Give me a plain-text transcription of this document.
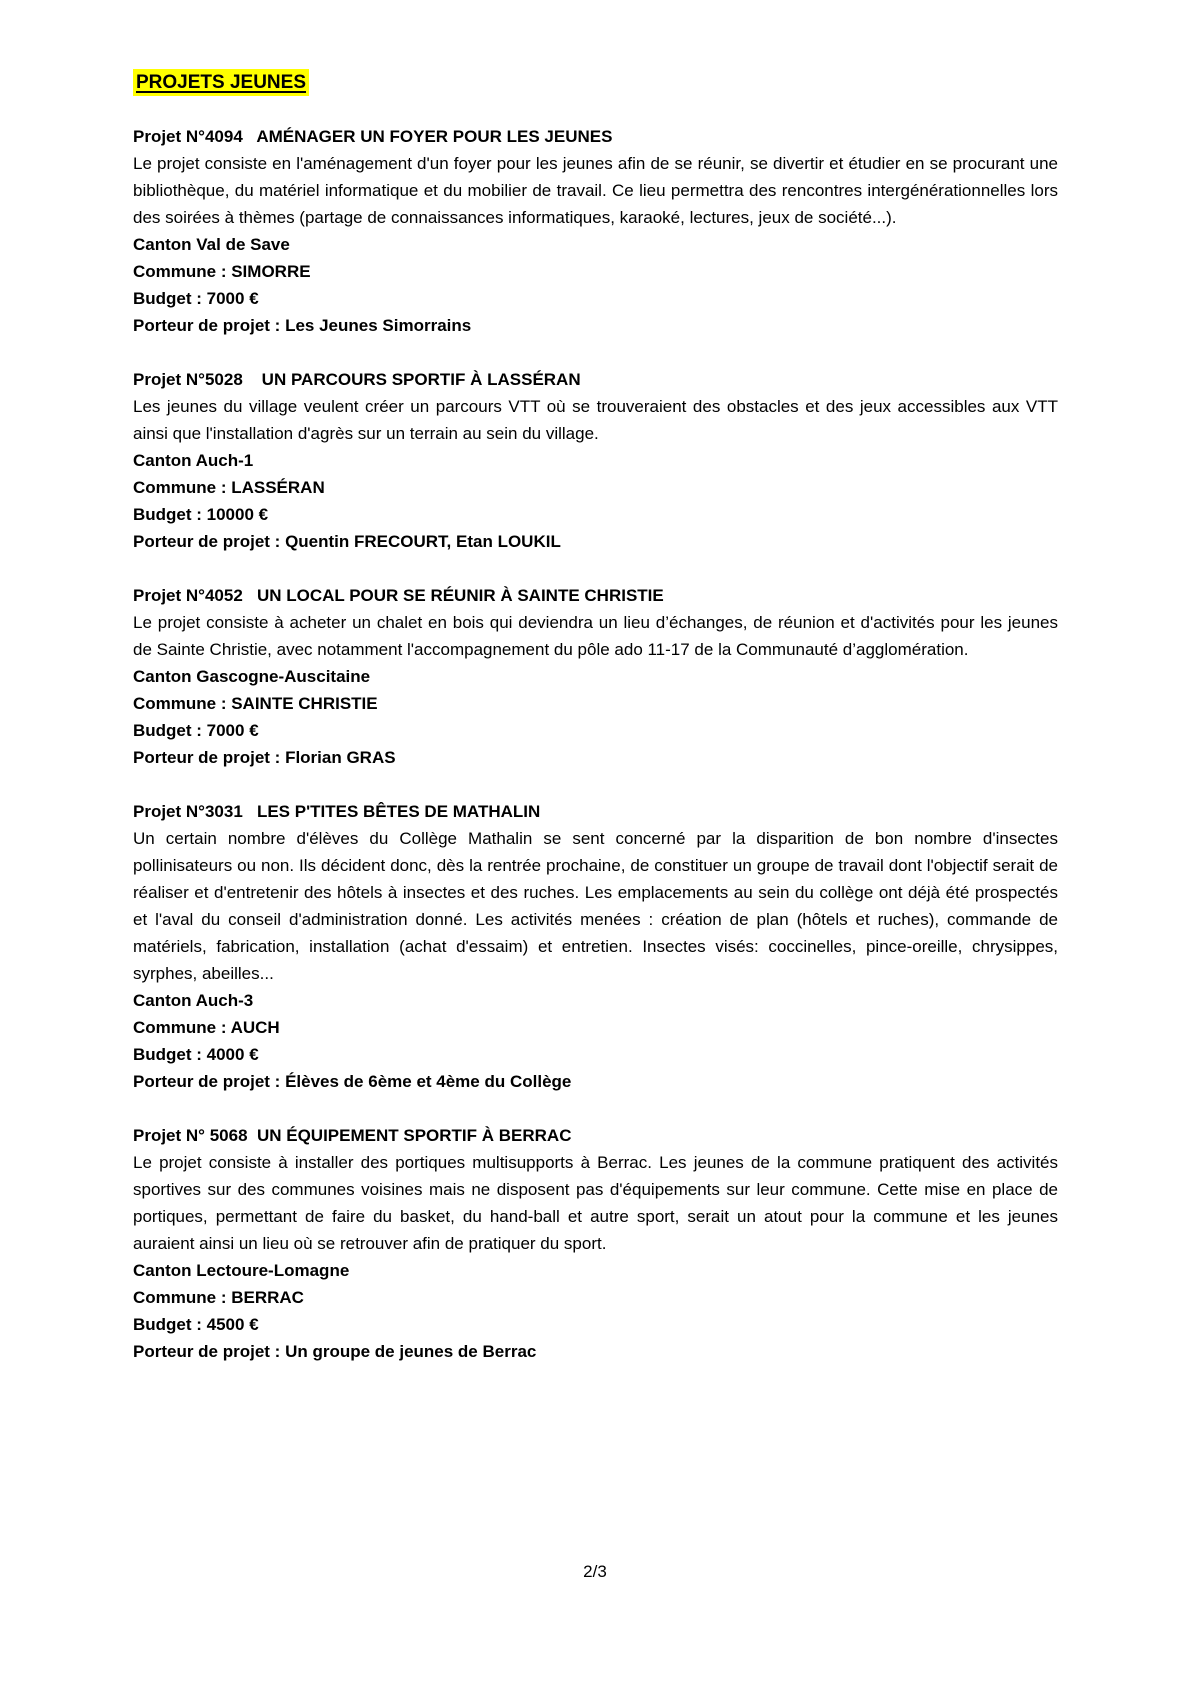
PROJETS JEUNES

Projet N°4094   AMÉNAGER UN FOYER POUR LES JEUNES

Le projet consiste en l'aménagement d'un foyer pour les jeunes afin de se réunir, se divertir et étudier en se procurant une bibliothèque, du matériel informatique et du mobilier de travail. Ce lieu permettra des rencontres intergénérationnelles lors des soirées à thèmes (partage de connaissances informatiques, karaoké, lectures, jeux de société...).

Canton Val de Save

Commune : SIMORRE

Budget : 7000 €

Porteur de projet : Les Jeunes Simorrains

Projet N°5028    UN PARCOURS SPORTIF À LASSÉRAN

Les jeunes du village veulent créer un parcours VTT où se trouveraient des obstacles et des jeux accessibles aux VTT ainsi que l'installation d'agrès sur un terrain au sein du village.

Canton Auch-1

Commune : LASSÉRAN

Budget : 10000 €

Porteur de projet : Quentin FRECOURT, Etan LOUKIL

Projet N°4052   UN LOCAL POUR SE RÉUNIR À SAINTE CHRISTIE

Le projet consiste à acheter un chalet en bois qui deviendra un lieu d’échanges, de réunion et d'activités pour les jeunes de Sainte Christie, avec notamment l'accompagnement du pôle ado 11-17 de la Communauté d’agglomération.

Canton Gascogne-Auscitaine

Commune : SAINTE CHRISTIE

Budget : 7000 €

Porteur de projet : Florian GRAS

Projet N°3031   LES P'TITES BÊTES DE MATHALIN

Un certain nombre d'élèves du Collège Mathalin se sent concerné par la disparition de bon nombre d'insectes pollinisateurs ou non. Ils décident donc, dès la rentrée prochaine, de constituer un groupe de travail dont l'objectif serait de réaliser et d'entretenir des hôtels à insectes et des ruches. Les emplacements au sein du collège ont déjà été prospectés et l'aval du conseil d'administration donné. Les activités menées : création de plan (hôtels et ruches), commande de matériels, fabrication, installation (achat d'essaim) et entretien. Insectes visés: coccinelles, pince-oreille, chrysippes, syrphes, abeilles...

Canton Auch-3

Commune : AUCH

Budget : 4000 €

Porteur de projet : Élèves de 6ème et 4ème du Collège

Projet N° 5068  UN ÉQUIPEMENT SPORTIF À BERRAC

Le projet consiste à installer des portiques multisupports à Berrac. Les jeunes de la commune pratiquent des activités sportives sur des communes voisines mais ne disposent pas d'équipements sur leur commune. Cette mise en place de portiques, permettant de faire du basket, du hand-ball et autre sport, serait un atout pour la commune et les jeunes auraient ainsi un lieu où se retrouver afin de pratiquer du sport.

Canton Lectoure-Lomagne

Commune : BERRAC

Budget : 4500 €

Porteur de projet : Un groupe de jeunes de Berrac

2/3
